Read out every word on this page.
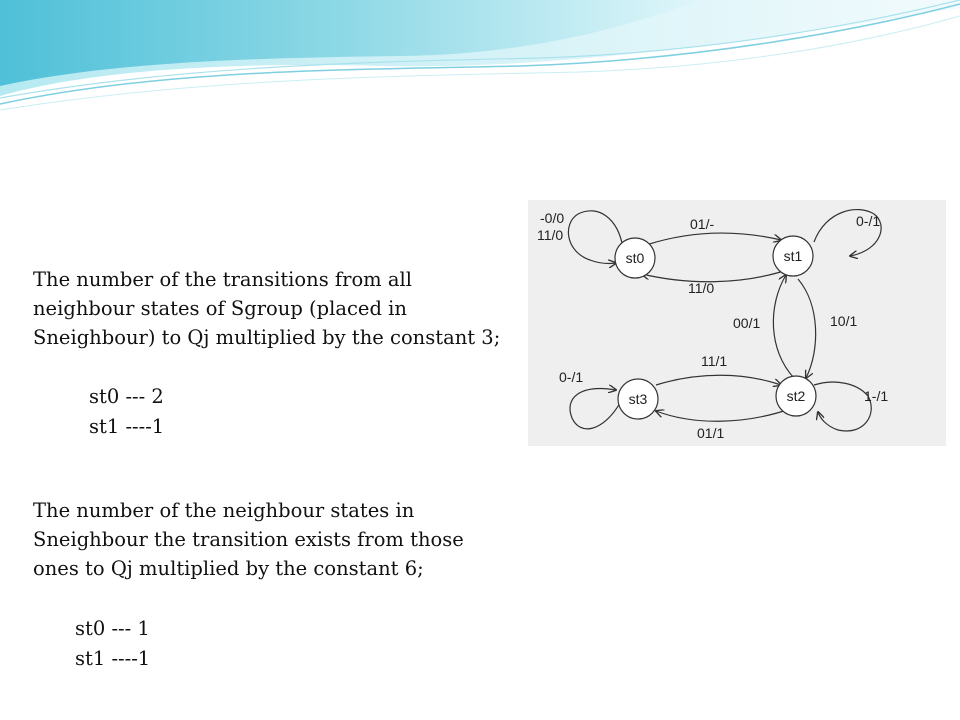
The number of the transitions from all neighbour states of Sgroup (placed in Sneighbour) to Qj multiplied by the constant 3;

st0 --- 2

st1 ----1

The number of the neighbour states in Sneighbour the transition exists from those ones to Qj multiplied by the constant 6;

st0 --- 1

st1 ----1

st0	st1
st2
st3
-0/0
11/0
01/-
11/0
0-/1
00/1	10/1
11/1
01/1
0-/1
1-/1
